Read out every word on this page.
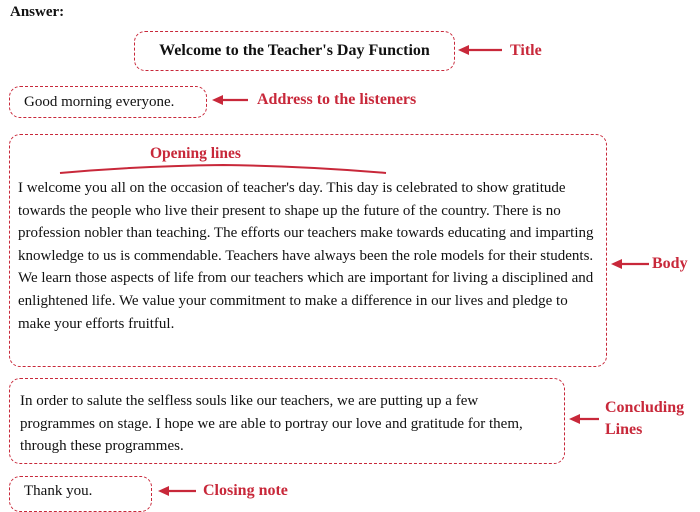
Answer:
Welcome to the Teacher's Day Function	Title
Good morning everyone.	Address to the listeners
Opening lines
I welcome you all on the occasion of teacher's day. This day is celebrated to show gratitude towards the people who live their present to shape up the future of the country. There is no profession nobler than teaching. The efforts our teachers make towards educating and imparting knowledge to us is commendable. Teachers have always been the role models for their students. We learn those aspects of life from our teachers which are important for living a disciplined and enlightened life. We value your commitment to make a difference in our lives and pledge to make your efforts fruitful.
Body
In order to salute the selfless souls like our teachers, we are putting up a few programmes on stage. I hope we are able to portray our love and gratitude for them, through these programmes.
Concluding
Lines
Thank you.	Closing note
